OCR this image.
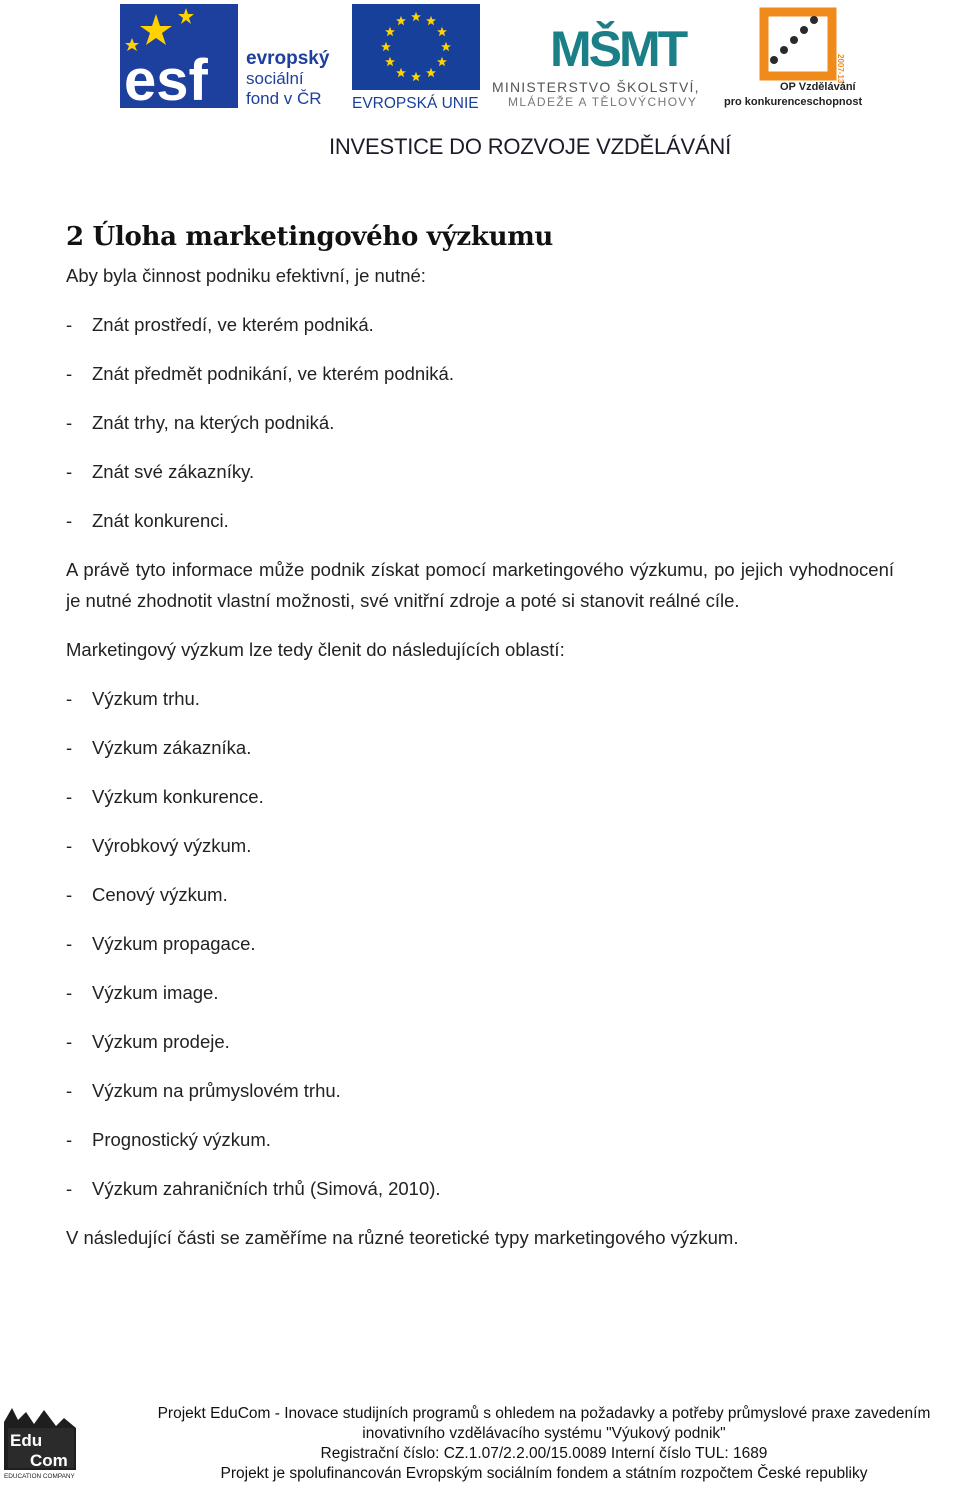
esf evropský
sociální
fond v ČR EVROPSKÁ UNIE
MŠMT
MINISTERSTVO ŠKOLSTVÍ,
MLÁDEŽE A TĚLOVÝCHOVY
2007-13
OP Vzdělávání
pro konkurenceschopnost
INVESTICE DO ROZVOJE VZDĚLÁVÁNÍ
2 Úloha marketingového výzkumu

Aby byla činnost podniku efektivní, je nutné:

- Znát prostředí, ve kterém podniká.
- Znát předmět podnikání, ve kterém podniká.
- Znát trhy, na kterých podniká.
- Znát své zákazníky.
- Znát konkurenci.

A právě tyto informace může podnik získat pomocí marketingového výzkumu, po jejich vyhodnocení je nutné zhodnotit vlastní možnosti, své vnitřní zdroje a poté si stanovit reálné cíle.

Marketingový výzkum lze tedy členit do následujících oblastí:

- Výzkum trhu.
- Výzkum zákazníka.
- Výzkum konkurence.
- Výrobkový výzkum.
- Cenový výzkum.
- Výzkum propagace.
- Výzkum image.
- Výzkum prodeje.
- Výzkum na průmyslovém trhu.
- Prognostický výzkum.
- Výzkum zahraničních trhů (Simová, 2010).

V následující části se zaměříme na různé teoretické typy marketingového výzkum.

Edu
Com
EDUCATION COMPANY
Projekt EduCom - Inovace studijních programů s ohledem na požadavky a potřeby průmyslové praxe zavedením
inovativního vzdělávacího systému "Výukový podnik"
Registrační číslo: CZ.1.07/2.2.00/15.0089 Interní číslo TUL: 1689
Projekt je spolufinancován Evropským sociálním fondem a státním rozpočtem České republiky
